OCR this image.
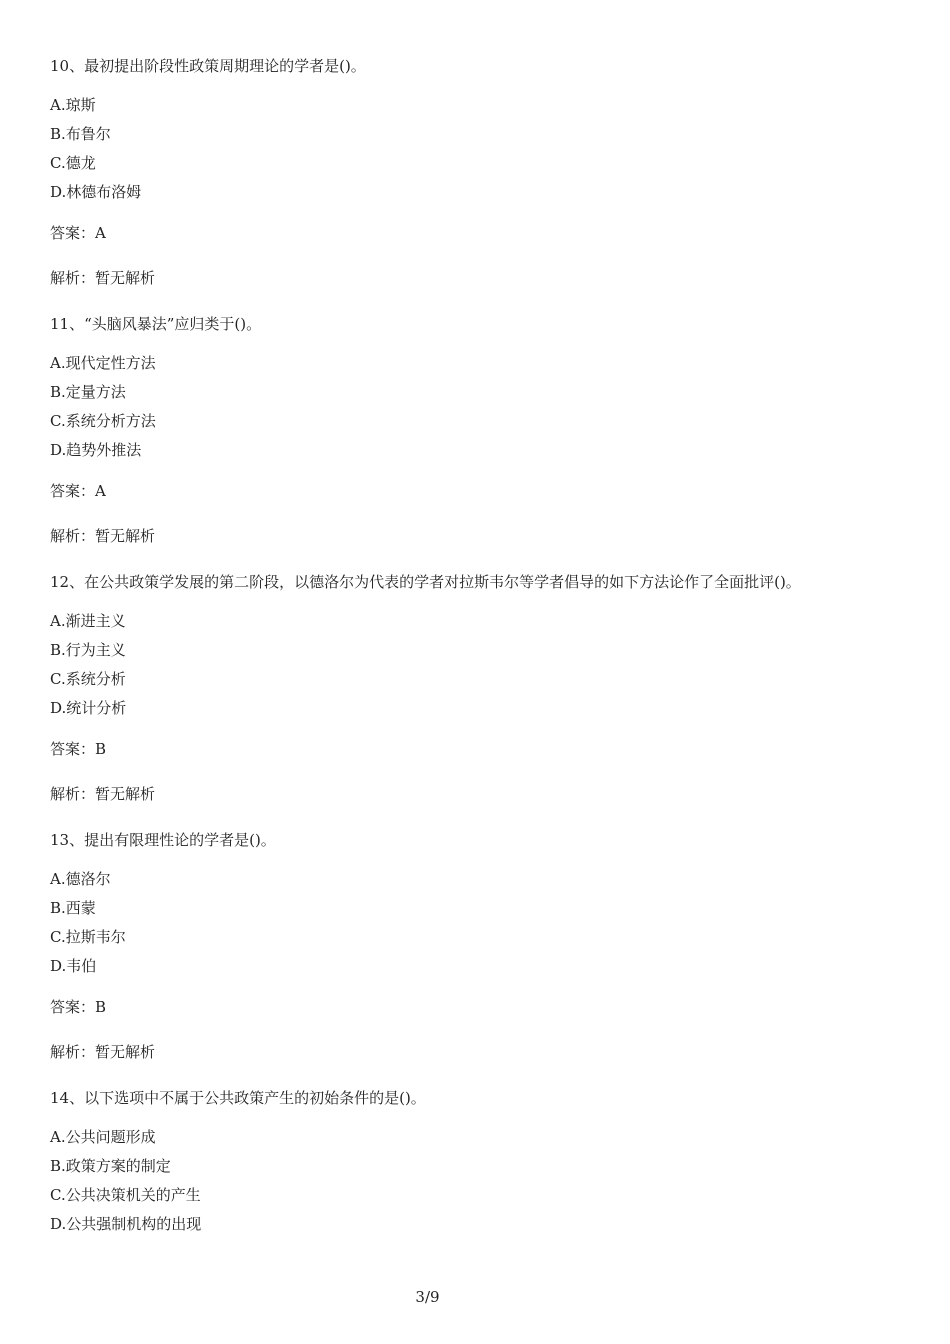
10、最初提出阶段性政策周期理论的学者是()。
A.琼斯
B.布鲁尔
C.德龙
D.林德布洛姆
答案：A
解析：暂无解析
11、“头脑风暴法”应归类于()。
A.现代定性方法
B.定量方法
C.系统分析方法
D.趋势外推法
答案：A
解析：暂无解析
12、在公共政策学发展的第二阶段，以德洛尔为代表的学者对拉斯韦尔等学者倡导的如下方法论作了全面批评()。
A.渐进主义
B.行为主义
C.系统分析
D.统计分析
答案：B
解析：暂无解析
13、提出有限理性论的学者是()。
A.德洛尔
B.西蒙
C.拉斯韦尔
D.韦伯
答案：B
解析：暂无解析
14、以下选项中不属于公共政策产生的初始条件的是()。
A.公共问题形成
B.政策方案的制定
C.公共决策机关的产生
D.公共强制机构的出现
3/9
